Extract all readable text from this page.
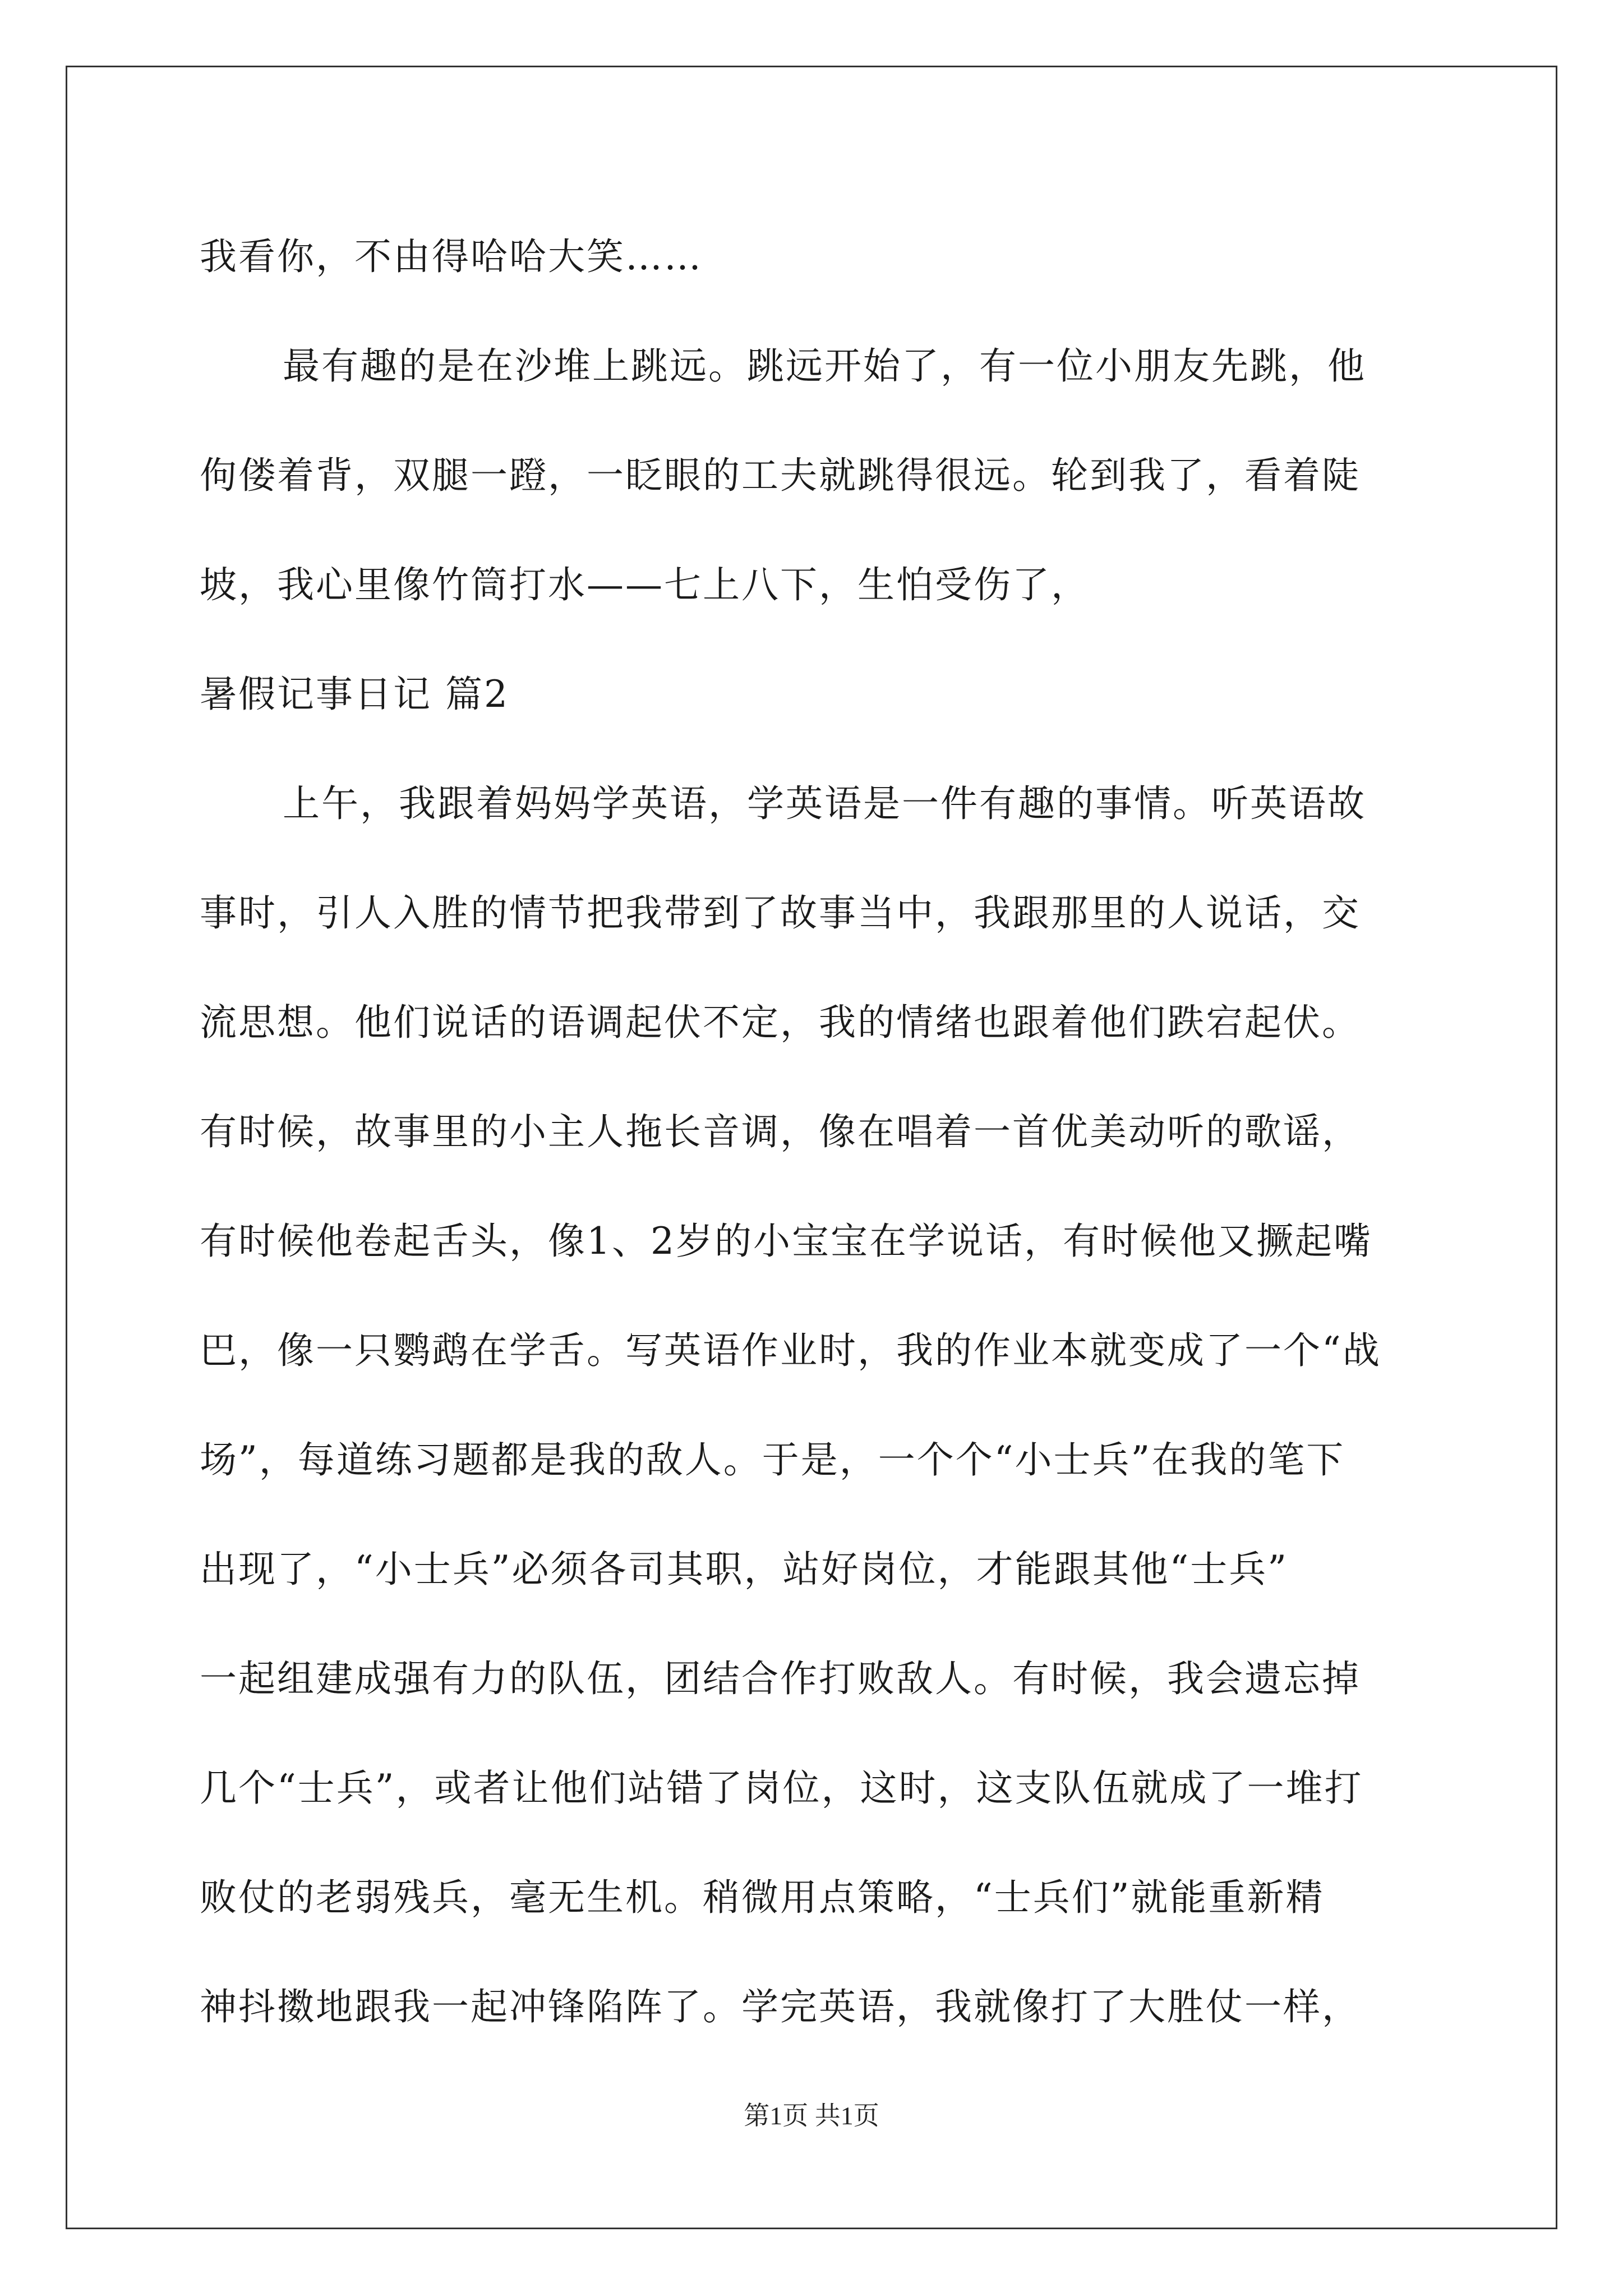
我看你，不由得哈哈大笑……
最有趣的是在沙堆上跳远。跳远开始了，有一位小朋友先跳，他
佝偻着背，双腿一蹬，一眨眼的工夫就跳得很远。轮到我了，看着陡
坡，我心里像竹筒打水——七上八下，生怕受伤了，
暑假记事日记 篇2
上午，我跟着妈妈学英语，学英语是一件有趣的事情。听英语故
事时，引人入胜的情节把我带到了故事当中，我跟那里的人说话，交
流思想。他们说话的语调起伏不定，我的情绪也跟着他们跌宕起伏。
有时候，故事里的小主人拖长音调，像在唱着一首优美动听的歌谣，
有时候他卷起舌头，像1、2岁的小宝宝在学说话，有时候他又撅起嘴
巴，像一只鹦鹉在学舌。写英语作业时，我的作业本就变成了一个“战
场”，每道练习题都是我的敌人。于是，一个个“小士兵”在我的笔下
出现了，“小士兵”必须各司其职，站好岗位，才能跟其他“士兵”
一起组建成强有力的队伍，团结合作打败敌人。有时候，我会遗忘掉
几个“士兵”，或者让他们站错了岗位，这时，这支队伍就成了一堆打
败仗的老弱残兵，毫无生机。稍微用点策略，“士兵们”就能重新精
神抖擞地跟我一起冲锋陷阵了。学完英语，我就像打了大胜仗一样，
第1页 共1页
